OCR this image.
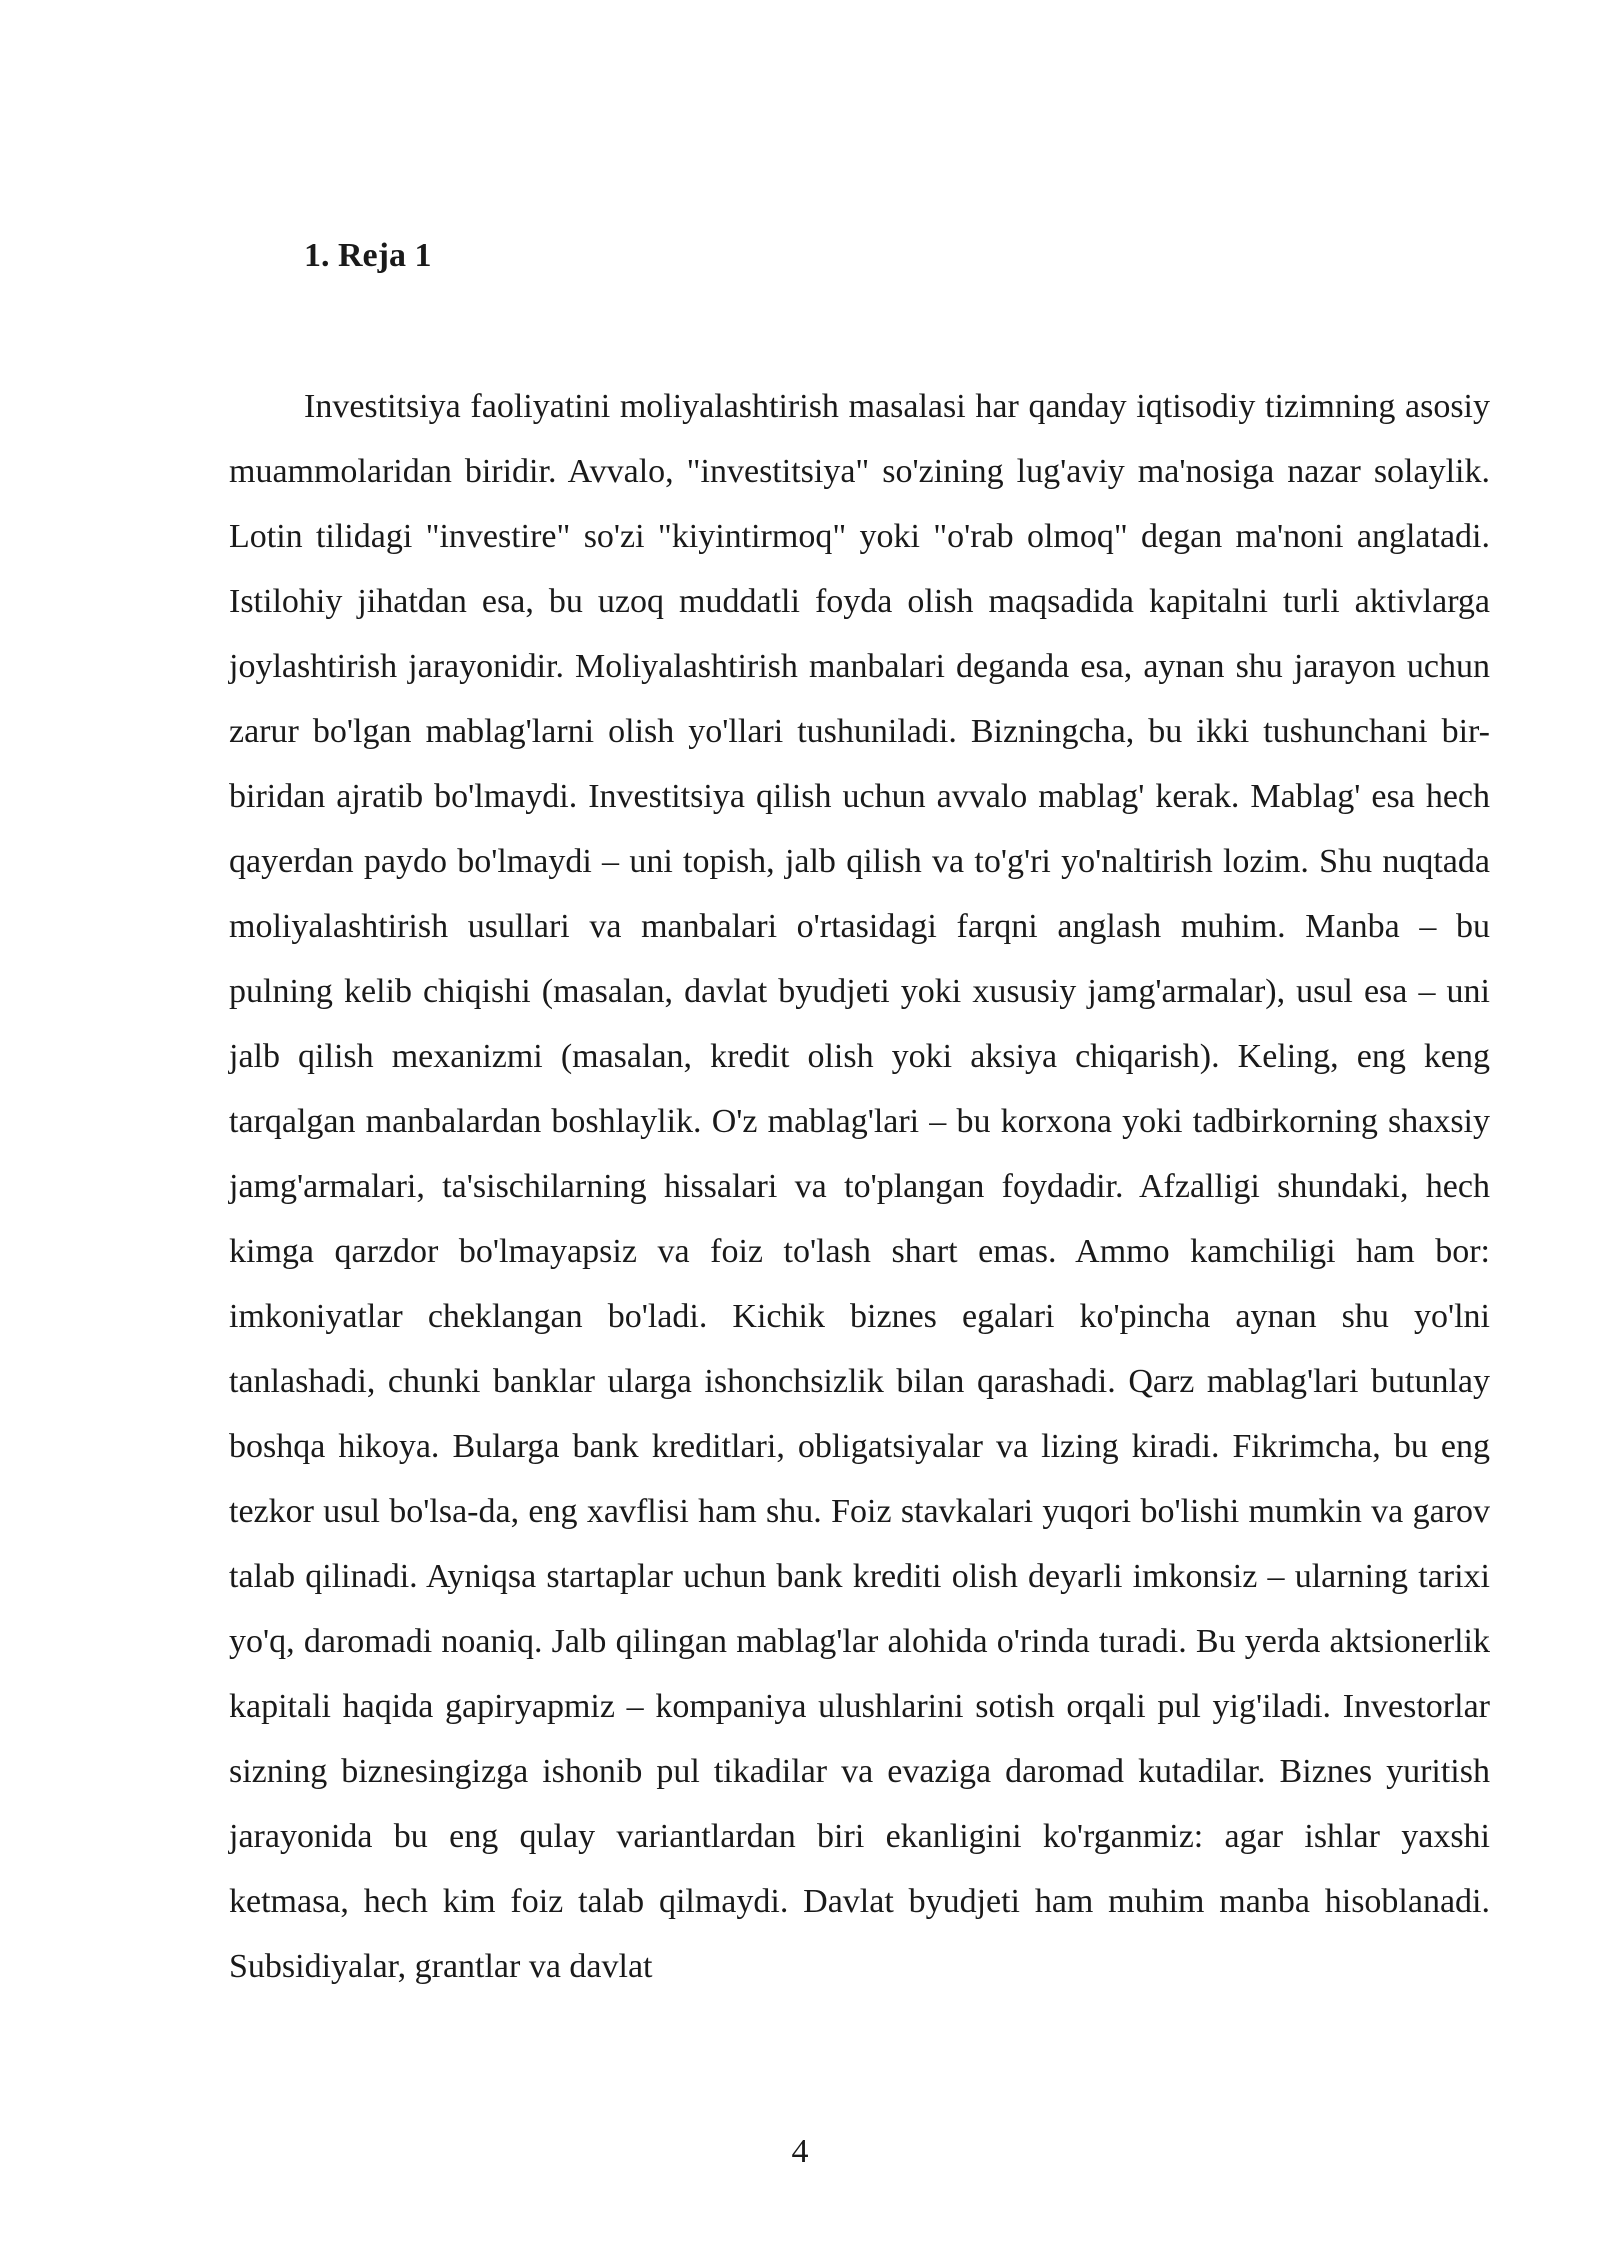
1. Reja 1

Investitsiya faoliyatini moliyalashtirish masalasi har qanday iqtisodiy tizimning asosiy muammolaridan biridir. Avvalo, "investitsiya" so'zining lug'aviy ma'nosiga nazar solaylik. Lotin tilidagi "investire" so'zi "kiyintirmoq" yoki "o'rab olmoq" degan ma'noni anglatadi. Istilohiy jihatdan esa, bu uzoq muddatli foyda olish maqsadida kapitalni turli aktivlarga joylashtirish jarayonidir. Moliyalashtirish manbalari deganda esa, aynan shu jarayon uchun zarur bo'lgan mablag'larni olish yo'llari tushuniladi. Bizningcha, bu ikki tushunchani bir-biridan ajratib bo'lmaydi. Investitsiya qilish uchun avvalo mablag' kerak. Mablag' esa hech qayerdan paydo bo'lmaydi – uni topish, jalb qilish va to'g'ri yo'naltirish lozim. Shu nuqtada moliyalashtirish usullari va manbalari o'rtasidagi farqni anglash muhim. Manba – bu pulning kelib chiqishi (masalan, davlat byudjeti yoki xususiy jamg'armalar), usul esa – uni jalb qilish mexanizmi (masalan, kredit olish yoki aksiya chiqarish). Keling, eng keng tarqalgan manbalardan boshlaylik. O'z mablag'lari – bu korxona yoki tadbirkorning shaxsiy jamg'armalari, ta'sischilarning hissalari va to'plangan foydadir. Afzalligi shundaki, hech kimga qarzdor bo'lmayapsiz va foiz to'lash shart emas. Ammo kamchiligi ham bor: imkoniyatlar cheklangan bo'ladi. Kichik biznes egalari ko'pincha aynan shu yo'lni tanlashadi, chunki banklar ularga ishonchsizlik bilan qarashadi. Qarz mablag'lari butunlay boshqa hikoya. Bularga bank kreditlari, obligatsiyalar va lizing kiradi. Fikrimcha, bu eng tezkor usul bo'lsa-da, eng xavflisi ham shu. Foiz stavkalari yuqori bo'lishi mumkin va garov talab qilinadi. Ayniqsa startaplar uchun bank krediti olish deyarli imkonsiz – ularning tarixi yo'q, daromadi noaniq. Jalb qilingan mablag'lar alohida o'rinda turadi. Bu yerda aktsionerlik kapitali haqida gapiryapmiz – kompaniya ulushlarini sotish orqali pul yig'iladi. Investorlar sizning biznesingizga ishonib pul tikadilar va evaziga daromad kutadilar. Biznes yuritish jarayonida bu eng qulay variantlardan biri ekanligini ko'rganmiz: agar ishlar yaxshi ketmasa, hech kim foiz talab qilmaydi. Davlat byudjeti ham muhim manba hisoblanadi. Subsidiyalar, grantlar va davlat

4
